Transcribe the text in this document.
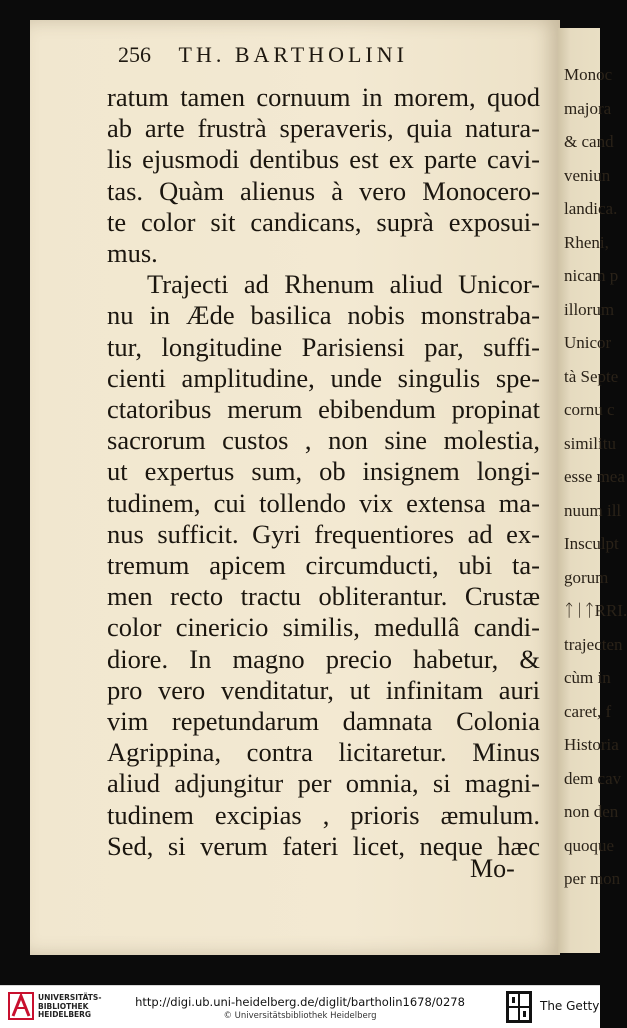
Monoc
majora
& cand
veniun
landica.
Rheni,
nicam p
illorum
Unicor
tà Septe
cornu c
similitu
esse mea
nuum ill
Insculpt
gorum
ᛏᛁᛏRRI.
trajecten
cùm in
caret, f
Historia
dem cav
non den
quoque
per mon
256 TH. BARTHOLINI
ratum tamen cornuum in morem, quod
ab arte frustrà speraveris, quia natura-
lis ejusmodi dentibus est ex parte cavi-
tas. Quàm alienus à vero Monocero-
te color sit candicans, suprà exposui-
mus.
Trajecti ad Rhenum aliud Unicor-
nu in Æde basilica nobis monstraba-
tur, longitudine Parisiensi par, suffi-
cienti amplitudine, unde singulis spe-
ctatoribus merum ebibendum propinat
sacrorum custos , non sine molestia,
ut expertus sum, ob insignem longi-
tudinem, cui tollendo vix extensa ma-
nus sufficit. Gyri frequentiores ad ex-
tremum apicem circumducti, ubi ta-
men recto tractu obliterantur. Crustæ
color cinericio similis, medullâ candi-
diore. In magno precio habetur, &
pro vero venditatur, ut infinitam auri
vim repetundarum damnata Colonia
Agrippina, contra licitaretur. Minus
aliud adjungitur per omnia, si magni-
tudinem excipias , prioris æmulum.
Sed, si verum fateri licet, neque hæc
Mo-
UNIVERSITÄTS-
BIBLIOTHEK
HEIDELBERG
http://digi.ub.uni-heidelberg.de/diglit/bartholin1678/0278
© Universitätsbibliothek Heidelberg
The Getty
